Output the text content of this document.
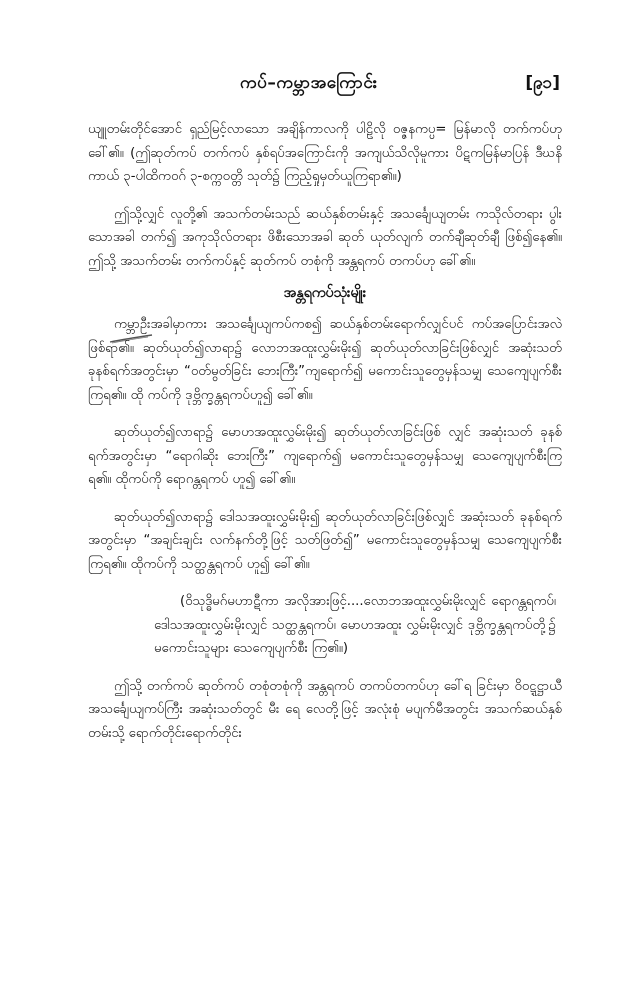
ကပ်–ကမ္ဘာအကြောင်း	[၉၁]

ယျူတမ်းတိုင်အောင် ရှည်မြင့်လာသော အချိန်ကာလကို ပါဠိလို ဝဇ္ဇနကပ္ပ= မြန်မာလို တက်ကပ်ဟု ခေါ်၏။ (ဤဆုတ်ကပ် တက်ကပ် နှစ်ရပ်အကြောင်းကို အကျယ်သိလိုမူကား ပိဋကမြန်မာပြန် ဒီဃနိကာယ် ၃-ပါထိကဝဂ် ၃-စက္ကဝတ္တိ သုတ်၌ ကြည့်ရှုမှတ်ယူကြရာ၏။)

ဤသို့လျှင် လူတို့၏ အသက်တမ်းသည် ဆယ်နှစ်တမ်းနှင့် အသင်္ချေယျတမ်း ကသိုလ်တရား ပွါးသောအခါ တက်၍ အကုသိုလ်တရား ဖိစီးသောအခါ ဆုတ် ယုတ်လျက် တက်ချီဆုတ်ချီ ဖြစ်၍နေ၏။ ဤသို့ အသက်တမ်း တက်ကပ်နှင့် ဆုတ်ကပ် တစုံကို အန္တရကပ် တကပ်ဟု ခေါ်၏။

အန္တရကပ်သုံးမျိုး

ကမ္ဘာဦးအခါမှာကား အသင်္ချေယျကပ်ကစ၍ ဆယ်နှစ်တမ်းရောက်လျှင်ပင် ကပ်အပြောင်းအလဲဖြစ်ရာ၏။ ဆုတ်ယုတ်၍လာရာ၌ လောဘအထူးလွှမ်းမိုး၍ ဆုတ်ယုတ်လာခြင်းဖြစ်လျှင် အဆုံးသတ် ခုနစ်ရက်အတွင်းမှာ “ဝတ်မွတ်ခြင်း ဘေးကြီး”ကျရောက်၍ မကောင်းသူတွေမှန်သမျှ သေကျေပျက်စီးကြရ၏။ ထို ကပ်ကို ဒုဗ္ဘိက္ခန္တရကပ်ဟူ၍ ခေါ်၏။

ဆုတ်ယုတ်၍လာရာ၌ မောဟအထူးလွှမ်းမိုး၍ ဆုတ်ယုတ်လာခြင်းဖြစ် လျှင် အဆုံးသတ် ခုနစ်ရက်အတွင်းမှာ “ရောဂါဆိုး ဘေးကြီး” ကျရောက်၍ မကောင်းသူတွေမှန်သမျှ သေကျေပျက်စီးကြရ၏။ ထိုကပ်ကို ရောဂန္တရကပ် ဟူ၍ ခေါ်၏။

ဆုတ်ယုတ်၍လာရာ၌ ဒေါသအထူးလွှမ်းမိုး၍ ဆုတ်ယုတ်လာခြင်းဖြစ်လျှင် အဆုံးသတ် ခုနစ်ရက်အတွင်းမှာ “အချင်းချင်း လက်နက်တို့ဖြင့် သတ်ဖြတ်၍” မကောင်းသူတွေမှန်သမျှ သေကျေပျက်စီးကြရ၏။ ထိုကပ်ကို သတ္ထန္တရကပ် ဟူ၍ ခေါ်၏။

(ဝိသုဒ္ဓိမဂ်မဟာဋီကာ အလိုအားဖြင့်....လောဘအထူးလွှမ်းမိုးလျှင် ရောဂန္တရကပ်၊ ဒေါသအထူးလွှမ်းမိုးလျှင် သတ္ထန္တရကပ်၊ မောဟအထူး လွှမ်းမိုးလျှင် ဒုဗ္ဘိက္ခန္တရကပ်တို့၌ မကောင်းသူများ သေကျေပျက်စီး ကြ၏။)

ဤသို့ တက်ကပ် ဆုတ်ကပ် တစုံတစုံကို အန္တရကပ် တကပ်တကပ်ဟု ခေါ်ရ ခြင်းမှာ ဝိဝဋ္ဋဋ္ဌာယီ အသင်္ချေယျကပ်ကြီး အဆုံးသတ်တွင် မီး ရေ လေတို့ဖြင့် အလုံးစုံ မပျက်မီအတွင်း အသက်ဆယ်နှစ်တမ်းသို့ ရောက်တိုင်းရောက်တိုင်း
